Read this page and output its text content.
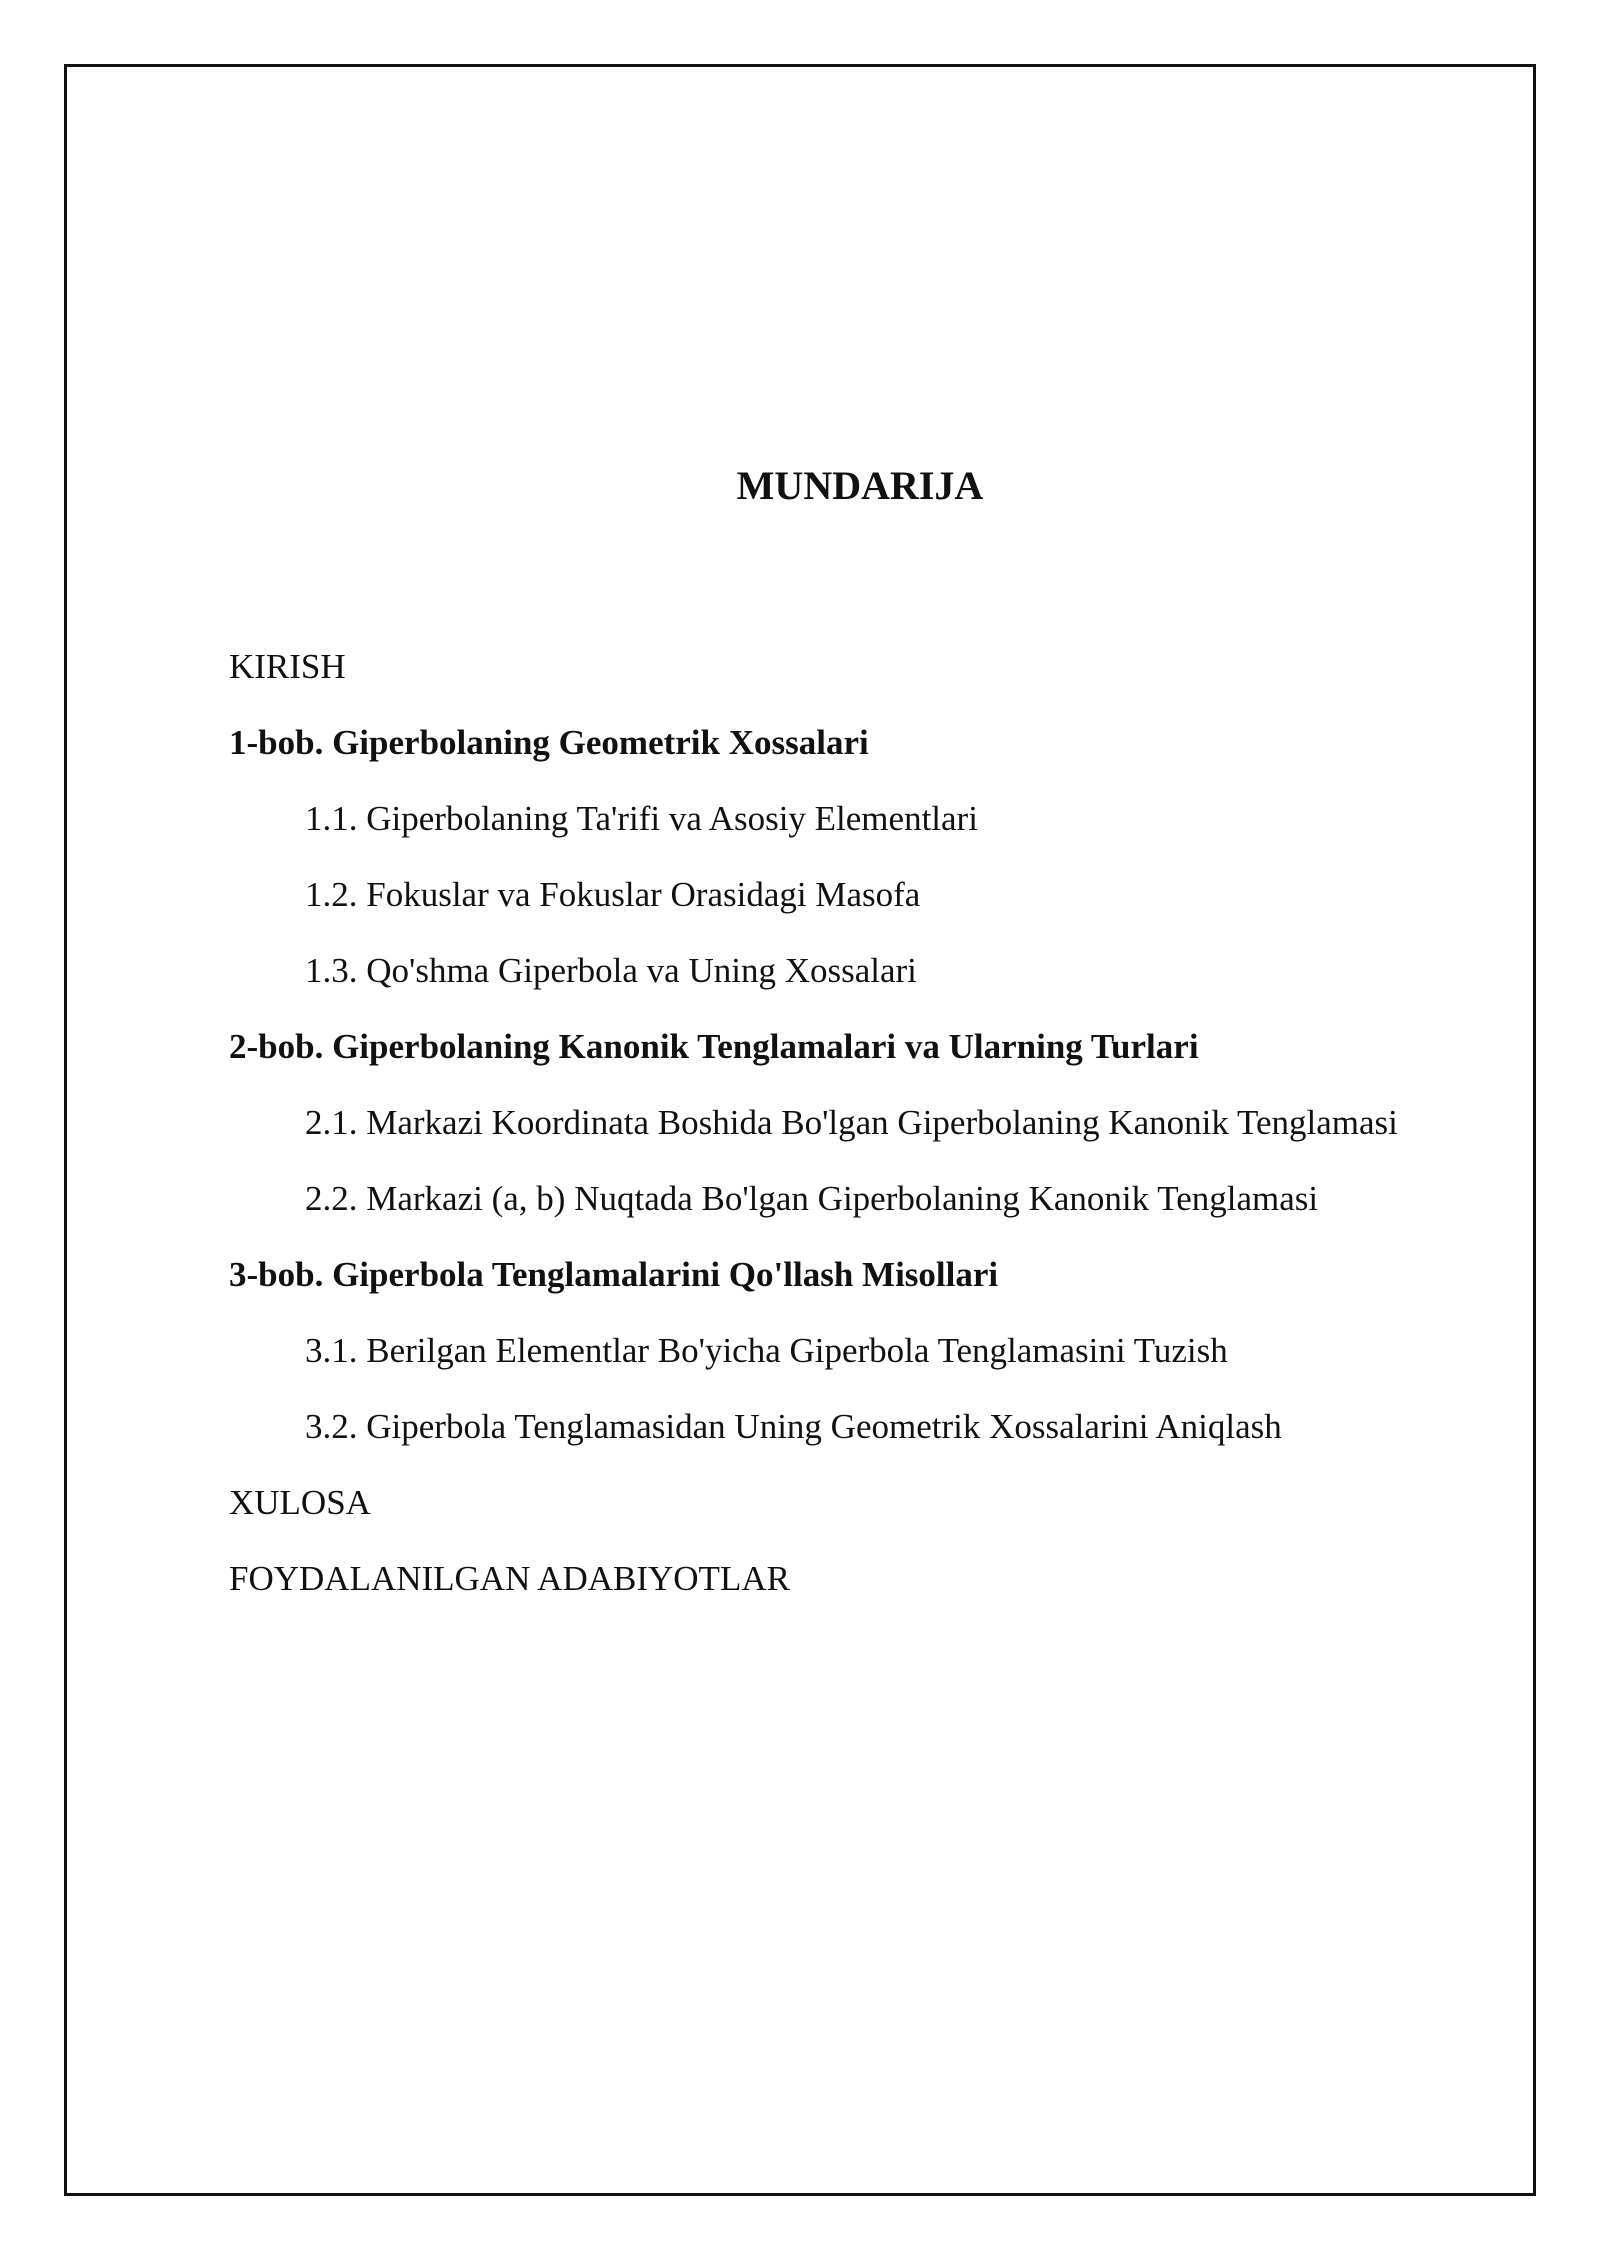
MUNDARIJA
KIRISH
1-bob. Giperbolaning Geometrik Xossalari
1.1. Giperbolaning Ta'rifi va Asosiy Elementlari
1.2. Fokuslar va Fokuslar Orasidagi Masofa
1.3. Qo'shma Giperbola va Uning Xossalari
2-bob. Giperbolaning Kanonik Tenglamalari va Ularning Turlari
2.1. Markazi Koordinata Boshida Bo'lgan Giperbolaning Kanonik Tenglamasi
2.2. Markazi (a, b) Nuqtada Bo'lgan Giperbolaning Kanonik Tenglamasi
3-bob. Giperbola Tenglamalarini Qo'llash Misollari
3.1. Berilgan Elementlar Bo'yicha Giperbola Tenglamasini Tuzish
3.2. Giperbola Tenglamasidan Uning Geometrik Xossalarini Aniqlash
XULOSA
FOYDALANILGAN ADABIYOTLAR
